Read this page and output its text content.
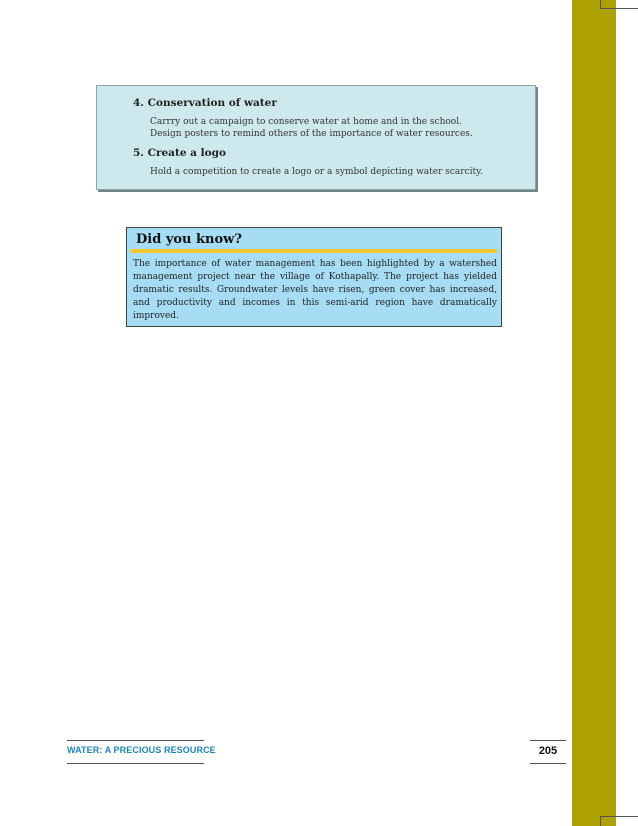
4. Conservation of water
Carrry out a campaign to conserve water at home and in the school.
Design posters to remind others of the importance of water resources.
5. Create a logo
Hold a competition to create a logo or a symbol depicting water scarcity.
Did you know?
The importance of water management has been highlighted by a watershed management project near the village of Kothapally. The project has yielded dramatic results. Groundwater levels have risen, green cover has increased, and productivity and incomes in this semi-arid region have dramatically improved.
WATER: A PRECIOUS RESOURCE	205
